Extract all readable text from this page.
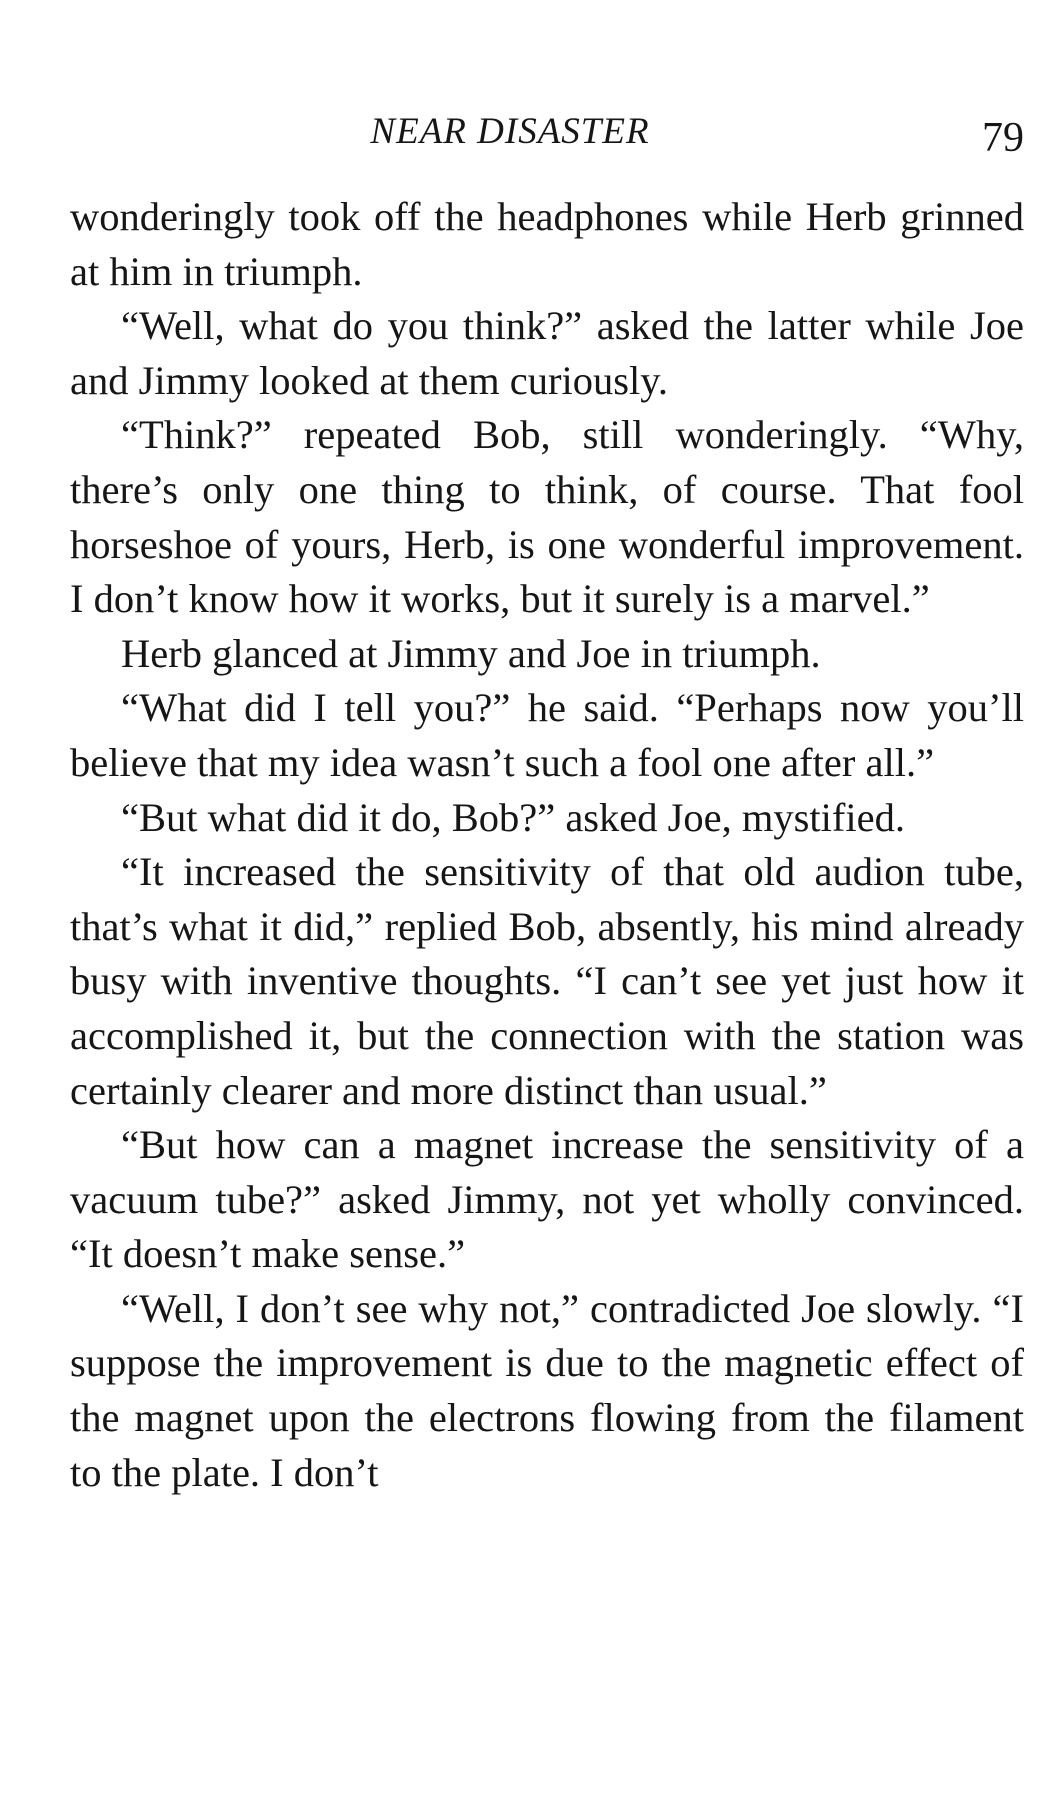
NEAR DISASTER	79

wonderingly took off the headphones while Herb grinned at him in triumph.

“Well, what do you think?” asked the latter while Joe and Jimmy looked at them curiously.

“Think?” repeated Bob, still wonderingly. “Why, there’s only one thing to think, of course. That fool horseshoe of yours, Herb, is one wonderful improvement. I don’t know how it works, but it surely is a marvel.”

Herb glanced at Jimmy and Joe in triumph.

“What did I tell you?” he said. “Perhaps now you’ll believe that my idea wasn’t such a fool one after all.”

“But what did it do, Bob?” asked Joe, mystified.

“It increased the sensitivity of that old audion tube, that’s what it did,” replied Bob, absently, his mind already busy with inventive thoughts. “I can’t see yet just how it accomplished it, but the connection with the station was certainly clearer and more distinct than usual.”

“But how can a magnet increase the sensitivity of a vacuum tube?” asked Jimmy, not yet wholly convinced. “It doesn’t make sense.”

“Well, I don’t see why not,” contradicted Joe slowly. “I suppose the improvement is due to the magnetic effect of the magnet upon the electrons flowing from the filament to the plate. I don’t
